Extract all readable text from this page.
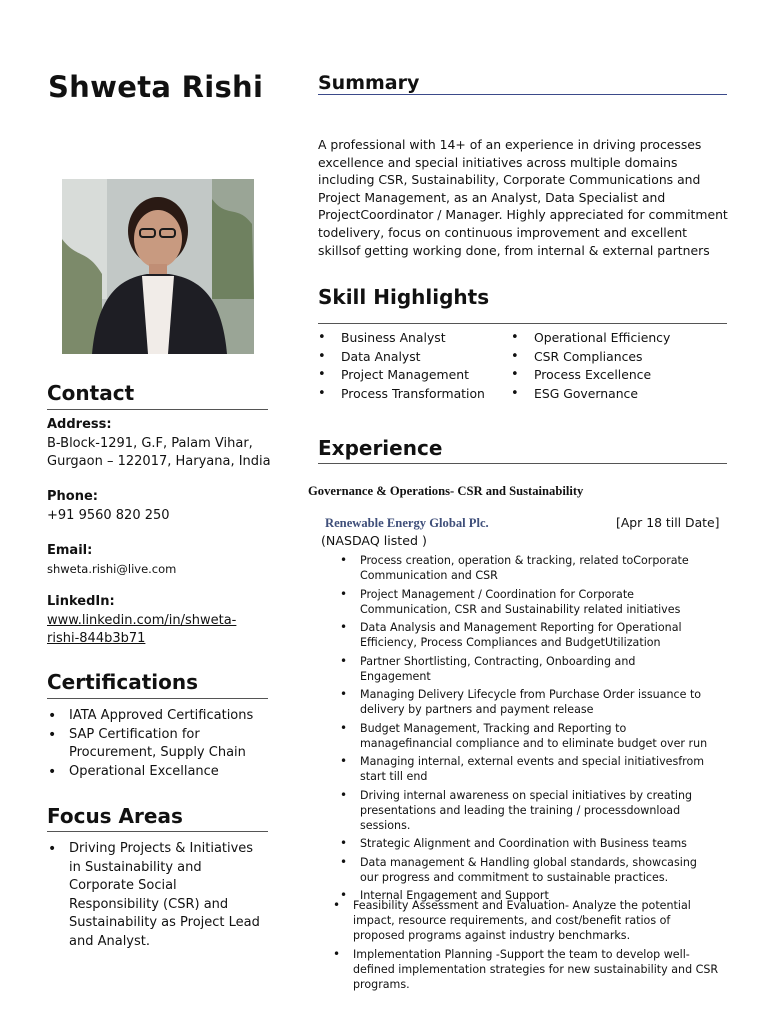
Shweta Rishi
Contact
Address:
B-Block-1291, G.F, Palam Vihar,
Gurgaon – 122017, Haryana, India
Phone:
+91 9560 820 250
Email:
shweta.rishi@live.com
LinkedIn:
www.linkedin.com/in/shweta-
rishi-844b3b71
Certifications
• IATA Approved Certifications
• SAP Certification for Procurement, Supply Chain
• Operational Excellance
Focus Areas
• Driving Projects & Initiatives in Sustainability and Corporate Social Responsibility (CSR) and Sustainability as Project Lead and Analyst.
Summary
A professional with 14+ of an experience in driving processes excellence and special initiatives across multiple domains including CSR, Sustainability, Corporate Communications and Project Management, as an Analyst, Data Specialist and ProjectCoordinator / Manager. Highly appreciated for commitment todelivery, focus on continuous improvement and excellent skillsof getting working done, from internal & external partners
Skill Highlights
• Business Analyst
• Data Analyst
• Project Management
• Process Transformation
• Operational Efficiency
• CSR Compliances
• Process Excellence
• ESG Governance
Experience
Governance & Operations- CSR and Sustainability
Renewable Energy Global Plc.	[Apr 18 till Date]
(NASDAQ listed )
• Process creation, operation & tracking, related toCorporate Communication and CSR
• Project Management / Coordination for Corporate Communication, CSR and Sustainability related initiatives
• Data Analysis and Management Reporting for Operational Efficiency, Process Compliances and BudgetUtilization
• Partner Shortlisting, Contracting, Onboarding and Engagement
• Managing Delivery Lifecycle from Purchase Order issuance to delivery by partners and payment release
• Budget Management, Tracking and Reporting to managefinancial compliance and to eliminate budget over run
• Managing internal, external events and special initiativesfrom start till end
• Driving internal awareness on special initiatives by creating presentations and leading the training / processdownload sessions.
• Strategic Alignment and Coordination with Business teams
• Data management & Handling global standards, showcasing our progress and commitment to sustainable practices.
• Internal Engagement and Support
• Feasibility Assessment and Evaluation- Analyze the potential impact, resource requirements, and cost/benefit ratios of proposed programs against industry benchmarks.
• Implementation Planning -Support the team to develop well-defined implementation strategies for new sustainability and CSR programs.
